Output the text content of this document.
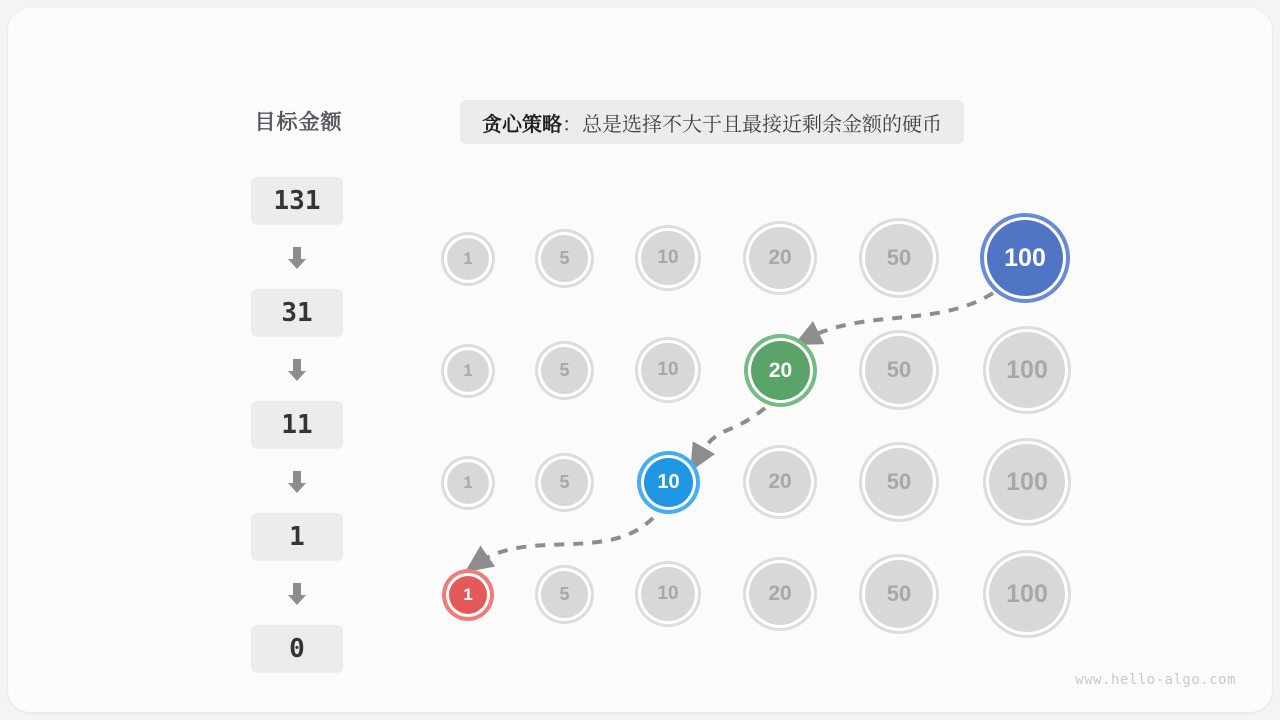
目标金额
131
31
11
1
0
贪心策略 ：总是选择不大于且最接近剩余金额的硬币
1	5	10	20	50	100
1	5	10	20	50	100
1	5	10	20	50	100
1	5	10	20	50	100
www.hello-algo.com
